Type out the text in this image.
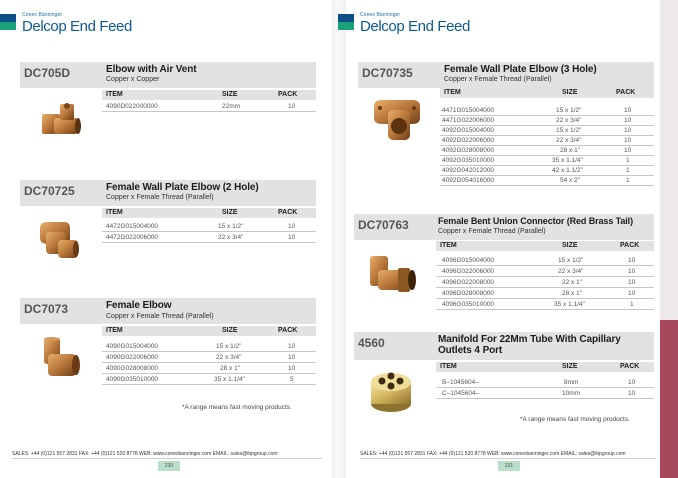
Conex Bänninger
Delcop End Feed
DC705D	Elbow with Air Vent
Copper x Copper
ITEM	SIZE	PACK
4090D022000000	22mm	10
DC70725	Female Wall Plate Elbow (2 Hole)
Copper x Female Thread (Parallel)
ITEM	SIZE	PACK
4472G015004000	15 x 1/2"	10
4472G022006000	22 x 3/4"	10
DC7073	Female Elbow
Copper x Female Thread (Parallel)
ITEM	SIZE	PACK
4090G015004000	15 x 1/2"	10
4090G022006000	22 x 3/4"	10
4090G028008000	28 x 1"	10
4090G035010000	35 x 1.1/4"	5
*A range means fast moving products.
SALES: +44 (0)121 557 2831 FAX: +44 (0)121 520 8778 WEB: www.conexbanninger.com EMAIL: sales@ibpgroup.com
230
Conex Bänninger
Delcop End Feed
DC70735	Female Wall Plate Elbow (3 Hole)
Copper x Female Thread (Parallel)
ITEM	SIZE	PACK
4471G015004000	15 x 1/2"	10
4471G022006000	22 x 3/4"	10
4092G015004000	15 x 1/2"	10
4092G022006000	22 x 3/4"	10
4092G028008000	28 x 1"	10
4092G035010000	35 x 1.1/4"	1
4092G042012000	42 x 1.1/2"	1
4092G054016000	54 x 2"	1
DC70763	Female Bent Union Connector (Red Brass Tail)
Copper x Female Thread (Parallel)
ITEM	SIZE	PACK
4096G015004000	15 x 1/2"	10
4096G022006000	22 x 3/4"	10
4096G022008000	22 x 1"	10
4096G028008000	28 x 1"	10
4096G035010000	35 x 1.1/4"	1
4560	Manifold For 22Mm Tube With Capillary
Outlets 4 Port
ITEM	SIZE	PACK
B–1045604–	8mm	10
C–1045604–	10mm	10
*A range means fast moving products.
SALES: +44 (0)121 557 2831 FAX: +44 (0)121 520 8778 WEB: www.conexbanninger.com EMAIL: sales@ibpgroup.com
231
